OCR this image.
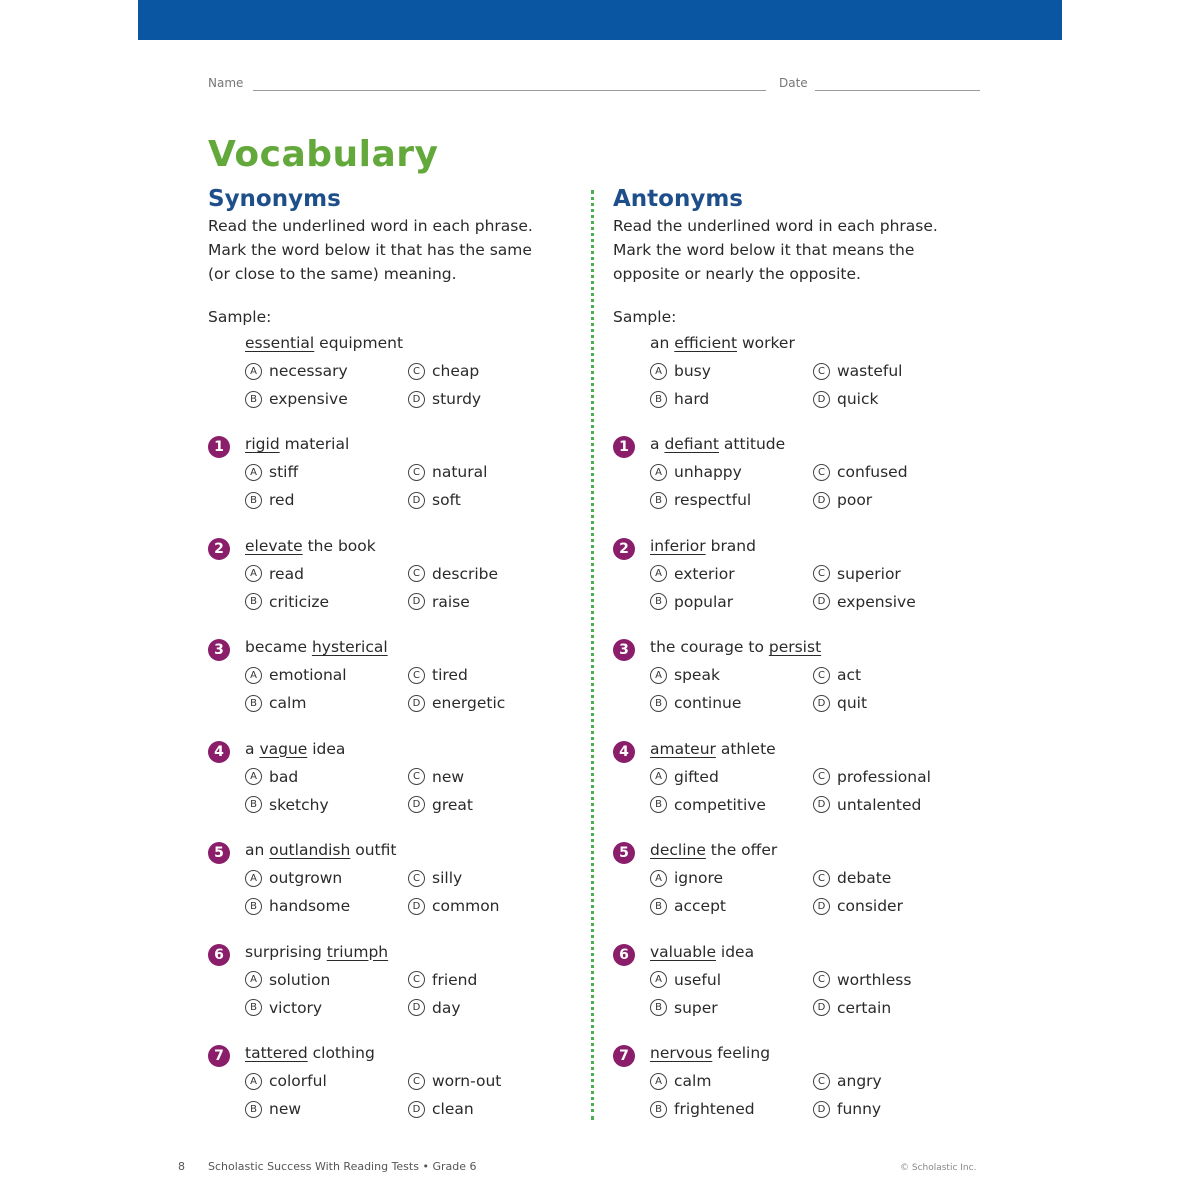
Name	Date
Vocabulary
Synonyms
Read the underlined word in each phrase.
Mark the word below it that has the same
(or close to the same) meaning.
Sample:
essential equipment
A necessary
B expensive
C cheap
D sturdy
1	rigid material
A stiff
B red
C natural
D soft
2	elevate the book
A read
B criticize
C describe
D raise
3	became hysterical
A emotional
B calm
C tired
D energetic
4	a vague idea
A bad
B sketchy
C new
D great
5	an outlandish outfit
A outgrown
B handsome
C silly
D common
6	surprising triumph
A solution
B victory
C friend
D day
7	tattered clothing
A colorful
B new
C worn-out
D clean
Antonyms
Read the underlined word in each phrase.
Mark the word below it that means the
opposite or nearly the opposite.
Sample:
an efficient worker
A busy
B hard
C wasteful
D quick
1	a defiant attitude
A unhappy
B respectful
C confused
D poor
2	inferior brand
A exterior
B popular
C superior
D expensive
3	the courage to persist
A speak
B continue
C act
D quit
4	amateur athlete
A gifted
B competitive
C professional
D untalented
5	decline the offer
A ignore
B accept
C debate
D consider
6	valuable idea
A useful
B super
C worthless
D certain
7	nervous feeling
A calm
B frightened
C angry
D funny
8 Scholastic Success With Reading Tests • Grade 6	© Scholastic Inc.
